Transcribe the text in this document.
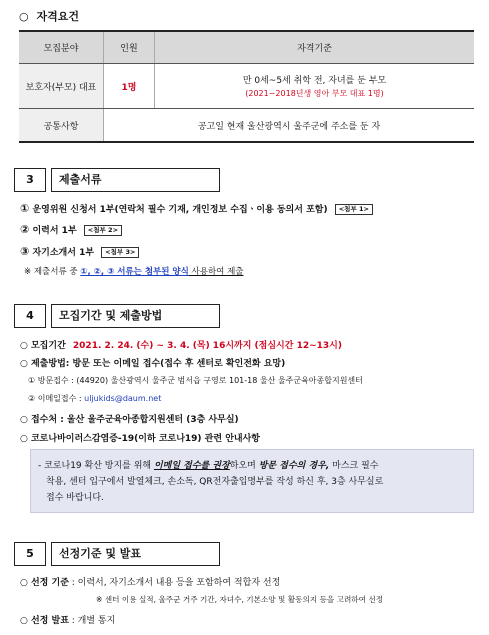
○ 자격요건
모집분야	인원	자격기준
보호자(부모) 대표	1명	만 0세~5세 취학 전, 자녀를 둔 부모
(2021~2018년생 영아 부모 대표 1명)

공통사항	공고일 현재 울산광역시 울주군에 주소를 둔 자	
3	제출서류
① 운영위원 신청서 1부(연락처 필수 기재, 개인정보 수집ㆍ이용 동의서 포함) <첨부 1>
② 이력서 1부 <첨부 2>
③ 자기소개서 1부 <첨부 3>
※ 제출서류 중 ①, ②, ③ 서류는 첨부된 양식 사용하여 제출
4	모집기간 및 제출방법
○ 모집기간 2021. 2. 24. (수) ~ 3. 4. (목) 16시까지 (점심시간 12~13시)
○ 제출방법: 방문 또는 이메일 접수(접수 후 센터로 확인전화 요망)
① 방문접수 : (44920) 울산광역시 울주군 범서읍 구영로 101-18 울산 울주군육아종합지원센터
② 이메일접수 : uljukids@daum.net
○ 접수처 : 울산 울주군육아종합지원센터 (3층 사무실)
○ 코로나바이러스감염증-19(이하 코로나19) 관련 안내사항
- 코로나19 확산 방지를 위해 이메일 접수를 권장하오며 방문 접수의 경우, 마스크 필수
착용, 센터 입구에서 발열체크, 손소독, QR전자출입명부를 작성 하신 후, 3층 사무실로
접수 바랍니다.
5	선정기준 및 발표
○ 선정 기준 : 이력서, 자기소개서 내용 등을 포함하여 적합자 선정
※ 센터 이용 실적, 울주군 거주 기간, 자녀수, 기본소양 및 활동의지 등을 고려하여 선정
○ 선정 발표 : 개별 통지
